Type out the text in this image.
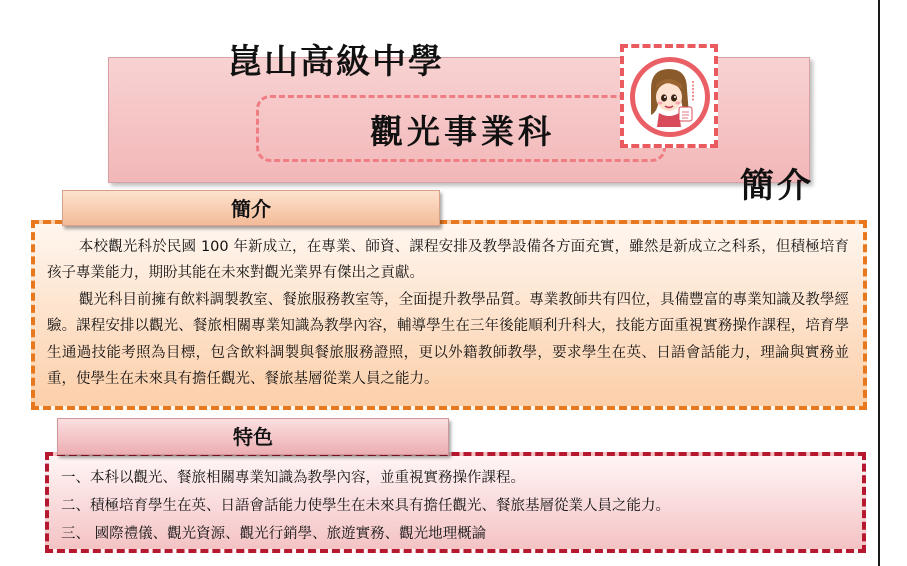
崑山高級中學
觀光事業科
簡介

本校觀光科於民國 100 年新成立，在專業、師資、課程安排及教學設備各方面充實，雖然是新成立之科系，但積極培育孩子專業能力，期盼其能在未來對觀光業界有傑出之貢獻。

觀光科目前擁有飲料調製教室、餐旅服務教室等，全面提升教學品質。專業教師共有四位，具備豐富的專業知識及教學經驗。課程安排以觀光、餐旅相關專業知識為教學內容，輔導學生在三年後能順利升科大，技能方面重視實務操作課程，培育學生通過技能考照為目標，包含飲料調製與餐旅服務證照，更以外籍教師教學，要求學生在英、日語會話能力，理論與實務並重，使學生在未來具有擔任觀光、餐旅基層從業人員之能力。

簡介
一、本科以觀光、餐旅相關專業知識為教學內容，並重視實務操作課程。
二、積極培育學生在英、日語會話能力使學生在未來具有擔任觀光、餐旅基層從業人員之能力。
三、 國際禮儀、觀光資源、觀光行銷學、旅遊實務、觀光地理概論
特色
